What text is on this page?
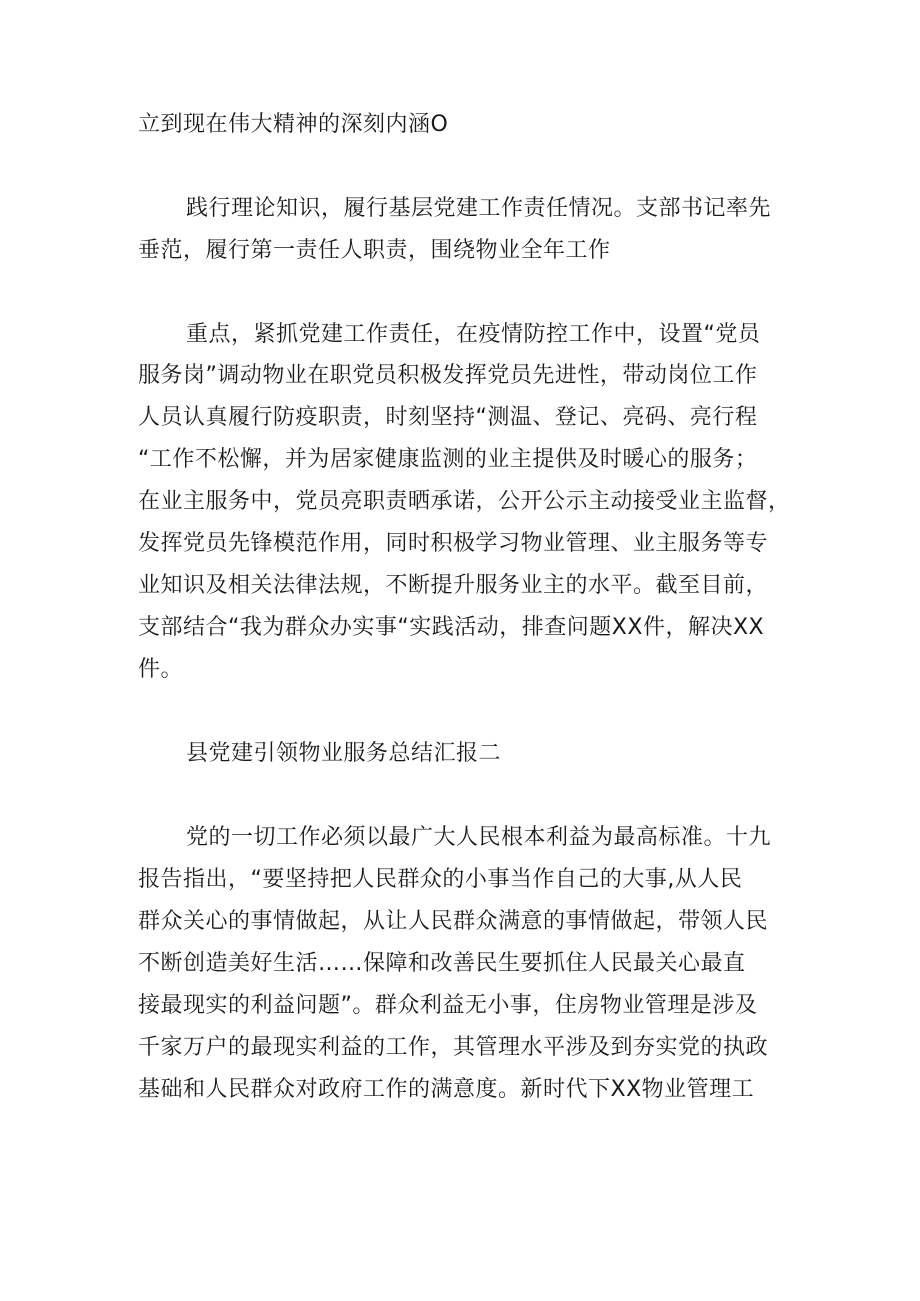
立到现在伟大精神的深刻内涵O
践行理论知识，履行基层党建工作责任情况。支部书记率先
垂范，履行第一责任人职责，围绕物业全年工作
重点，紧抓党建工作责任，在疫情防控工作中，设置“党员
服务岗”调动物业在职党员积极发挥党员先进性，带动岗位工作
人员认真履行防疫职责，时刻坚持“测温、登记、亮码、亮行程
“工作不松懈，并为居家健康监测的业主提供及时暖心的服务；
在业主服务中，党员亮职责晒承诺，公开公示主动接受业主监督，
发挥党员先锋模范作用，同时积极学习物业管理、业主服务等专
业知识及相关法律法规，不断提升服务业主的水平。截至目前，
支部结合“我为群众办实事“实践活动，排查问题XX件，解决XX
件。
县党建引领物业服务总结汇报二
党的一切工作必须以最广大人民根本利益为最高标准。十九
报告指出，“要坚持把人民群众的小事当作自己的大事,从人民
群众关心的事情做起，从让人民群众满意的事情做起，带领人民
不断创造美好生活……保障和改善民生要抓住人民最关心最直
接最现实的利益问题”。群众利益无小事，住房物业管理是涉及
千家万户的最现实利益的工作，其管理水平涉及到夯实党的执政
基础和人民群众对政府工作的满意度。新时代下XX物业管理工
